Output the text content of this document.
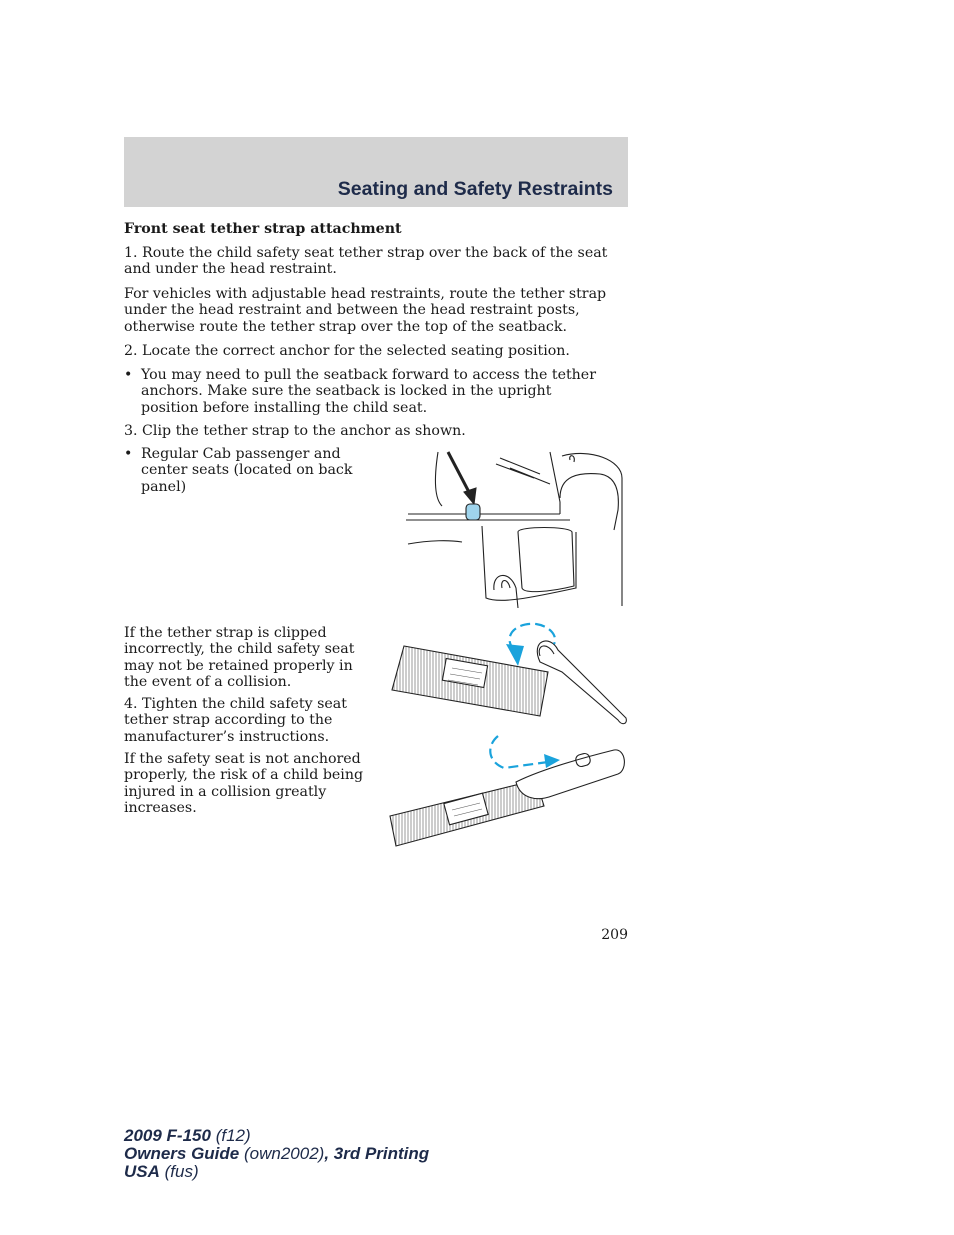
Seating and Safety Restraints

Front seat tether strap attachment

1. Route the child safety seat tether strap over the back of the seat and under the head restraint.

For vehicles with adjustable head restraints, route the tether strap under the head restraint and between the head restraint posts, otherwise route the tether strap over the top of the seatback.

2. Locate the correct anchor for the selected seating position.

• You may need to pull the seatback forward to access the tether anchors. Make sure the seatback is locked in the upright position before installing the child seat.

3. Clip the tether strap to the anchor as shown.

• Regular Cab passenger and center seats (located on back panel)

If the tether strap is clipped incorrectly, the child safety seat may not be retained properly in the event of a collision.

4. Tighten the child safety seat tether strap according to the manufacturer’s instructions.

If the safety seat is not anchored properly, the risk of a child being injured in a collision greatly increases.

209

2009 F-150 (f12)
Owners Guide (own2002), 3rd Printing
USA (fus)
